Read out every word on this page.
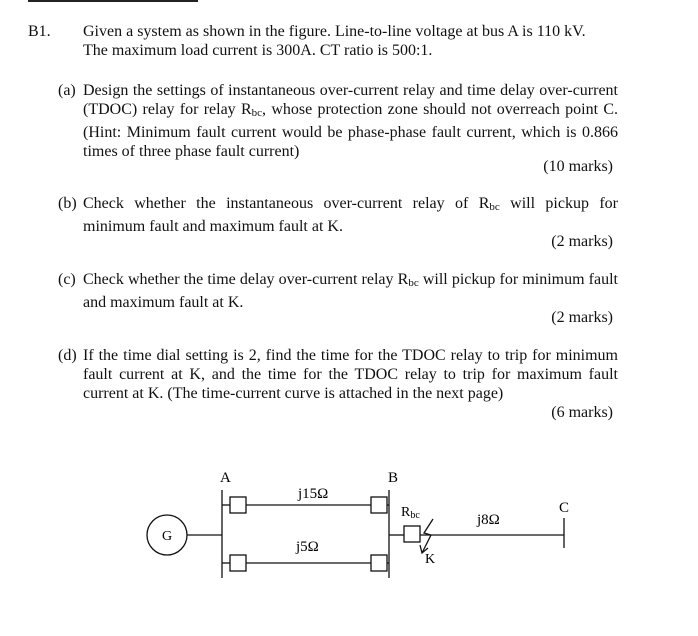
B1. Given a system as shown in the figure. Line-to-line voltage at bus A is 110 kV.
The maximum load current is 300A. CT ratio is 500:1.
(a) Design the settings of instantaneous over-current relay and time delay over-current (TDOC) relay for relay Rbc, whose protection zone should not overreach point C. (Hint: Minimum fault current would be phase-phase fault current, which is 0.866 times of three phase fault current)
(10 marks)
(b) Check whether the instantaneous over-current relay of Rbc will pickup for minimum fault and maximum fault at K.
(2 marks)
(c) Check whether the time delay over-current relay Rbc will pickup for minimum fault and maximum fault at K.
(2 marks)
(d) If the time dial setting is 2, find the time for the TDOC relay to trip for minimum fault current at K, and the time for the TDOC relay to trip for maximum fault current at K. (The time-current curve is attached in the next page)
(6 marks)
A	B
C
G
j15Ω
j5Ω
Rbc	j8Ω
K
